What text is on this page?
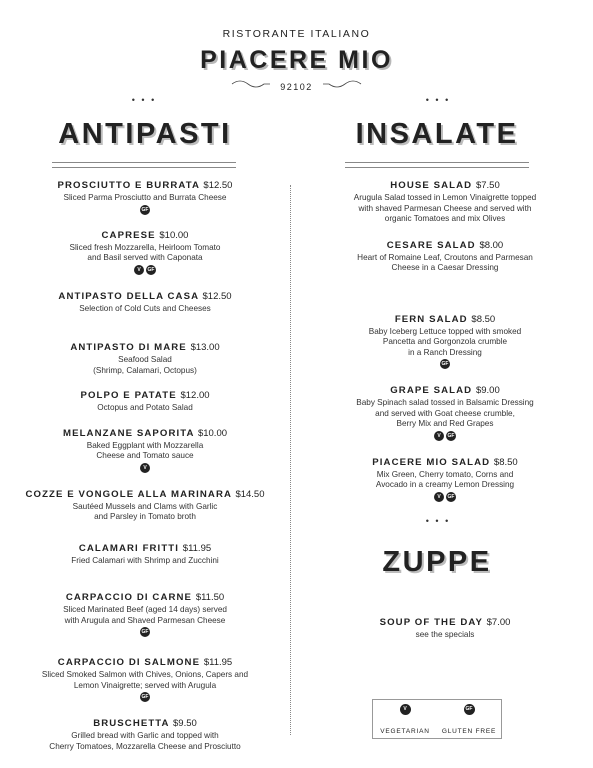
RISTORANTE ITALIANO
PIACERE MIO
92102
• • •
ANTIPASTI
PROSCIUTTO E BURRATA $12.50
Sliced Parma Prosciutto and Burrata Cheese
GF
CAPRESE $10.00
Sliced fresh Mozzarella, Heirloom Tomato
and Basil served with Caponata
V GF
ANTIPASTO DELLA CASA $12.50
Selection of Cold Cuts and Cheeses
ANTIPASTO DI MARE $13.00
Seafood Salad
(Shrimp, Calamari, Octopus)
POLPO E PATATE $12.00
Octopus and Potato Salad
MELANZANE SAPORITA $10.00
Baked Eggplant with Mozzarella
Cheese and Tomato sauce
V
COZZE E VONGOLE ALLA MARINARA $14.50
Sautéed Mussels and Clams with Garlic
and Parsley in Tomato broth
CALAMARI FRITTI $11.95
Fried Calamari with Shrimp and Zucchini
CARPACCIO DI CARNE $11.50
Sliced Marinated Beef (aged 14 days) served
with Arugula and Shaved Parmesan Cheese
GF
CARPACCIO DI SALMONE $11.95
Sliced Smoked Salmon with Chives, Onions, Capers and
Lemon Vinaigrette; served with Arugula
GF
BRUSCHETTA $9.50
Grilled bread with Garlic and topped with
Cherry Tomatoes, Mozzarella Cheese and Prosciutto
• • •
INSALATE
HOUSE SALAD $7.50
Arugula Salad tossed in Lemon Vinaigrette topped
with shaved Parmesan Cheese and served with
organic Tomatoes and mix Olives
CESARE SALAD $8.00
Heart of Romaine Leaf, Croutons and Parmesan
Cheese in a Caesar Dressing
FERN SALAD $8.50
Baby Iceberg Lettuce topped with smoked
Pancetta and Gorgonzola crumble
in a Ranch Dressing
GF
GRAPE SALAD $9.00
Baby Spinach salad tossed in Balsamic Dressing
and served with Goat cheese crumble,
Berry Mix and Red Grapes
V GF
PIACERE MIO SALAD $8.50
Mix Green, Cherry tomato, Corns and
Avocado in a creamy Lemon Dressing
V GF
• • •
ZUPPE
SOUP OF THE DAY $7.00
see the specials
V
VEGETARIAN
GF
GLUTEN FREE
